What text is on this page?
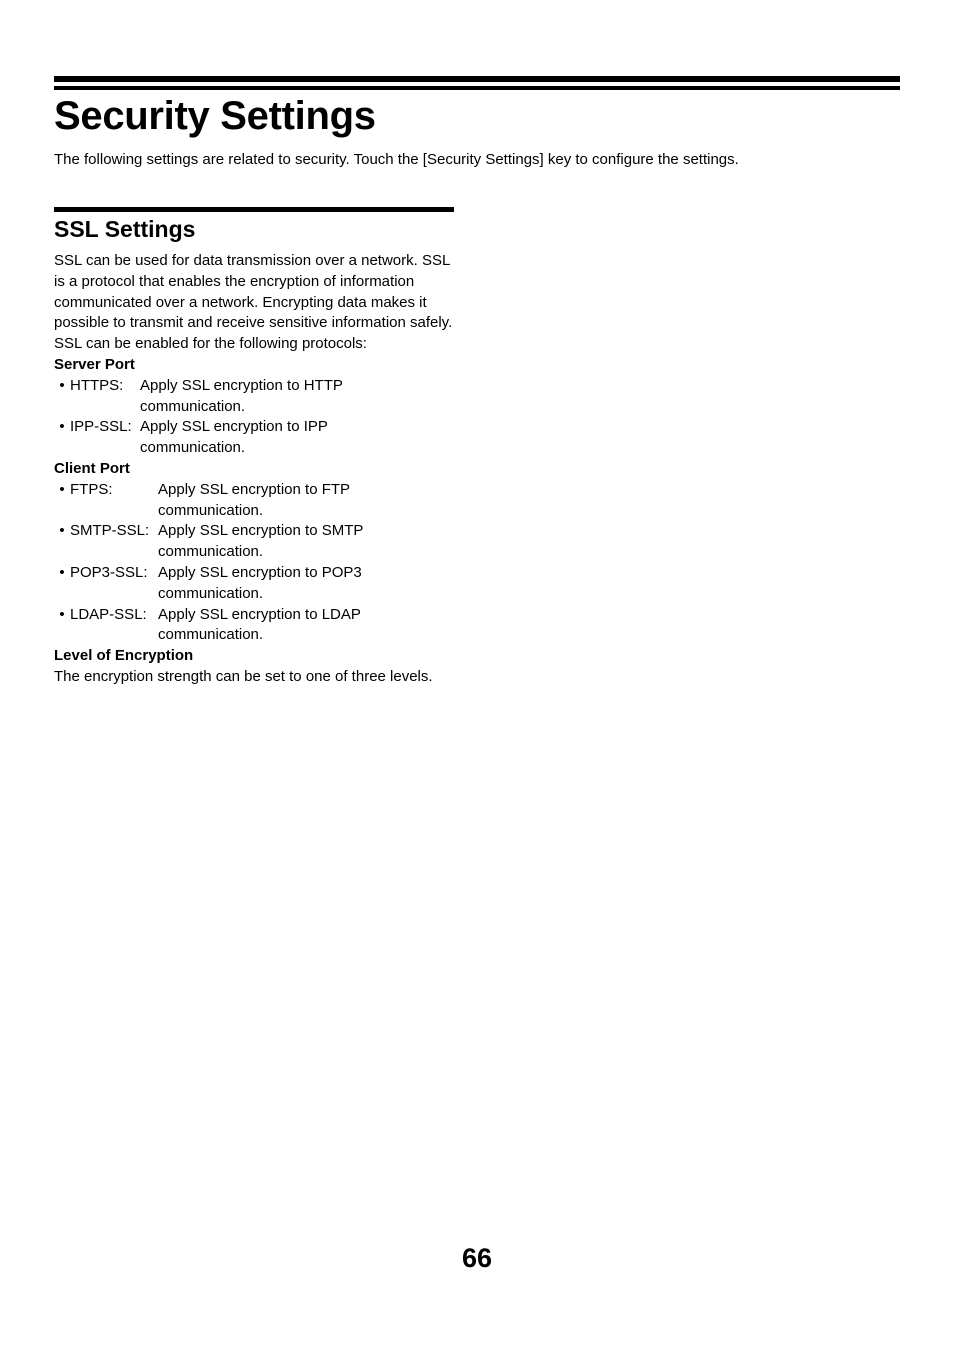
Security Settings

The following settings are related to security. Touch the [Security Settings] key to configure the settings.

SSL Settings

SSL can be used for data transmission over a network. SSL is a protocol that enables the encryption of information communicated over a network. Encrypting data makes it possible to transmit and receive sensitive information safely.

SSL can be enabled for the following protocols:

Server Port

• HTTPS:	Apply SSL encryption to HTTP communication.
• IPP-SSL: Apply SSL encryption to IPP communication.

Client Port

• FTPS:	Apply SSL encryption to FTP communication.
• SMTP-SSL: Apply SSL encryption to SMTP communication.
• POP3-SSL: Apply SSL encryption to POP3 communication.
• LDAP-SSL: Apply SSL encryption to LDAP communication.

Level of Encryption

The encryption strength can be set to one of three levels.

66
